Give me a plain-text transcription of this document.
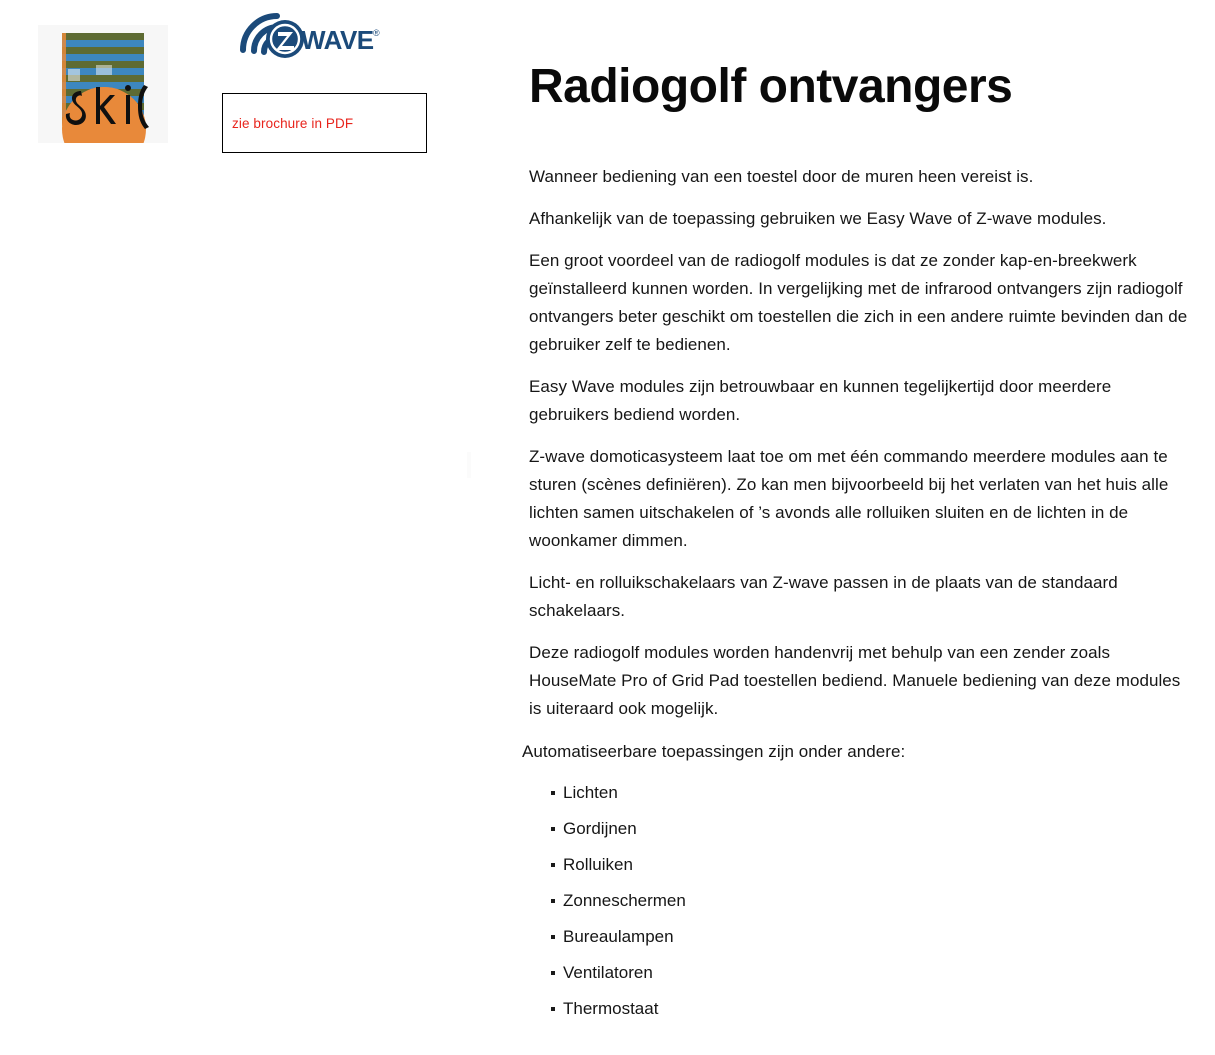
WAVE ®
zie brochure in PDF
Radiogolf ontvangers

Wanneer bediening van een toestel door de muren heen vereist is.

Afhankelijk van de toepassing gebruiken we Easy Wave of Z-wave modules.

Een groot voordeel van de radiogolf modules is dat ze zonder kap-en-breekwerk geïnstalleerd kunnen worden. In vergelijking met de infrarood ontvangers zijn radiogolf ontvangers beter geschikt om toestellen die zich in een andere ruimte bevinden dan de gebruiker zelf te bedienen.

Easy Wave modules zijn betrouwbaar en kunnen tegelijkertijd door meerdere gebruikers bediend worden.

Z-wave domoticasysteem laat toe om met één commando meerdere modules aan te sturen (scènes definiëren). Zo kan men bijvoorbeeld bij het verlaten van het huis alle lichten samen uitschakelen of ’s avonds alle rolluiken sluiten en de lichten in de woonkamer dimmen.

Licht- en rolluikschakelaars van Z-wave passen in de plaats van de standaard schakelaars.

Deze radiogolf modules worden handenvrij met behulp van een zender zoals HouseMate Pro of Grid Pad toestellen bediend. Manuele bediening van deze modules is uiteraard ook mogelijk.

Automatiseerbare toepassingen zijn onder andere:

Lichten
Gordijnen
Rolluiken
Zonneschermen
Bureaulampen
Ventilatoren
Thermostaat
